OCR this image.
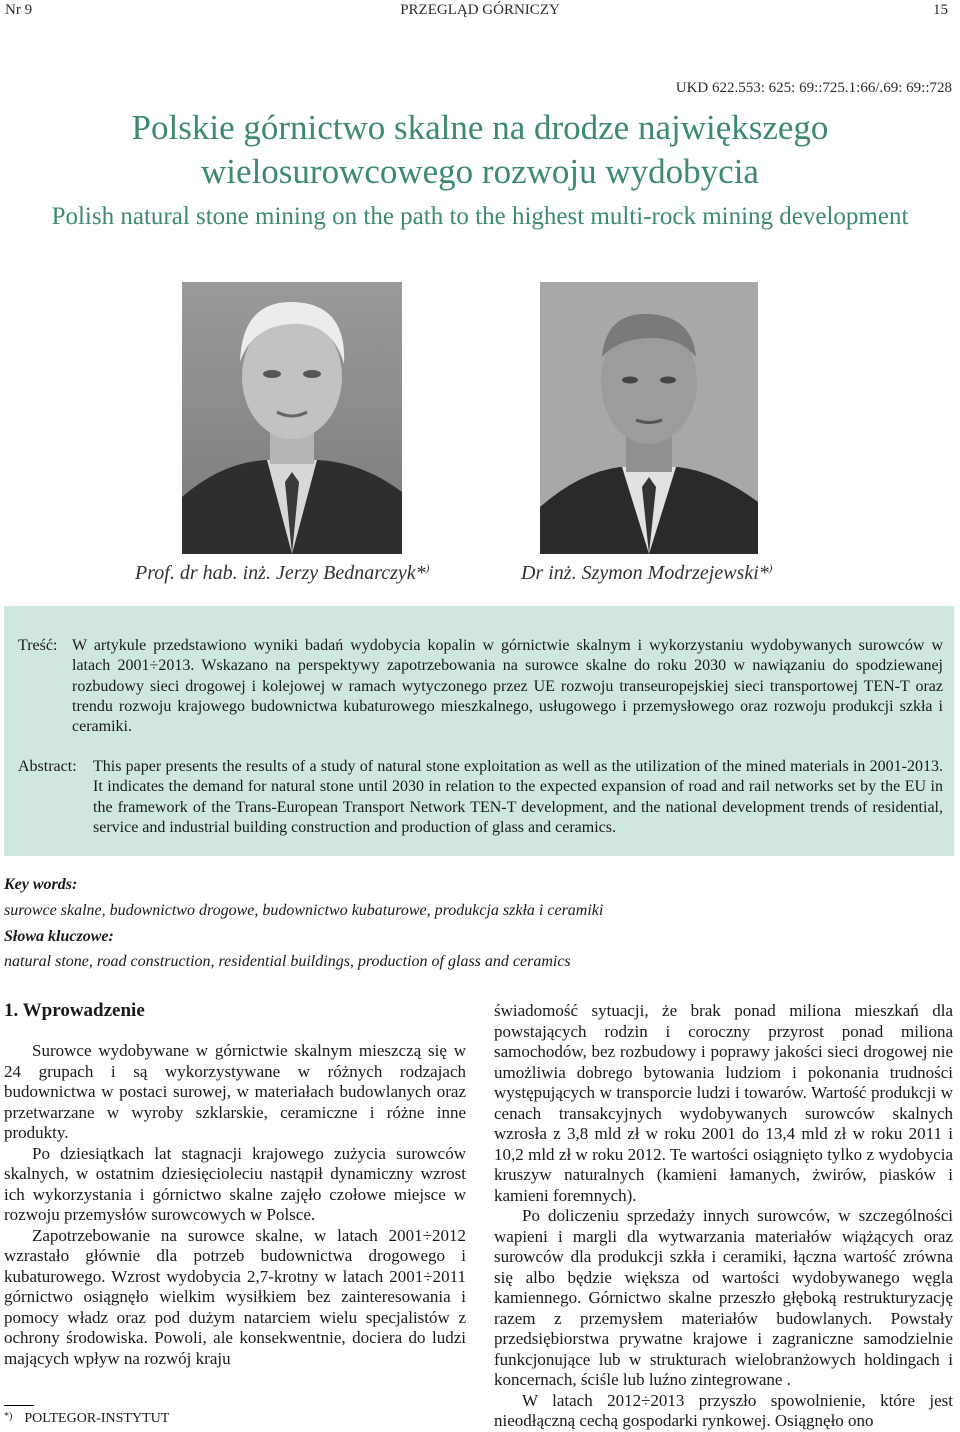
Nr 9	PRZEGLĄD GÓRNICZY	15
UKD 622.553: 625: 69::725.1:66/.69: 69::728
Polskie górnictwo skalne na drodze największego wielosurowcowego rozwoju wydobycia
Polish natural stone mining on the path to the highest multi-rock mining development
Prof. dr hab. inż. Jerzy Bednarczyk*)	Dr inż. Szymon Modrzejewski*)
Treść: W artykule przedstawiono wyniki badań wydobycia kopalin w górnictwie skalnym i wykorzystaniu wydobywanych surowców w latach 2001÷2013. Wskazano na perspektywy zapotrzebowania na surowce skalne do roku 2030 w nawiązaniu do spodziewanej rozbudowy sieci drogowej i kolejowej w ramach wytyczonego przez UE rozwoju transeuropejskiej sieci transportowej TEN-T oraz trendu rozwoju krajowego budownictwa kubaturowego mieszkalnego, usługowego i przemysłowego oraz rozwoju produkcji szkła i ceramiki.
Abstract: This paper presents the results of a study of natural stone exploitation as well as the utilization of the mined materials in 2001-2013. It indicates the demand for natural stone until 2030 in relation to the expected expansion of road and rail networks set by the EU in the framework of the Trans-European Transport Network TEN-T development, and the national development trends of residential, service and industrial building construction and production of glass and ceramics.
Key words:
surowce skalne, budownictwo drogowe, budownictwo kubaturowe, produkcja szkła i ceramiki
Słowa kluczowe:
natural stone, road construction, residential buildings, production of glass and ceramics
1. Wprowadzenie

Surowce wydobywane w górnictwie skalnym mieszczą się w 24 grupach i są wykorzystywane w różnych rodzajach budownictwa w postaci surowej, w materiałach budowlanych oraz przetwarzane w wyroby szklarskie, ceramiczne i różne inne produkty.

Po dziesiątkach lat stagnacji krajowego zużycia surowców skalnych, w ostatnim dziesięcioleciu nastąpił dynamiczny wzrost ich wykorzystania i górnictwo skalne zajęło czołowe miejsce w rozwoju przemysłów surowcowych w Polsce.

Zapotrzebowanie na surowce skalne, w latach 2001÷2012 wzrastało głównie dla potrzeb budownictwa drogowego i kubaturowego. Wzrost wydobycia 2,7-krotny w latach 2001÷2011 górnictwo osiągnęło wielkim wysiłkiem bez zainteresowania i pomocy władz oraz pod dużym natarciem wielu specjalistów z ochrony środowiska. Powoli, ale konsekwentnie, dociera do ludzi mających wpływ na rozwój kraju

świadomość sytuacji, że brak ponad miliona mieszkań dla powstających rodzin i coroczny przyrost ponad miliona samochodów, bez rozbudowy i poprawy jakości sieci drogowej nie umożliwia dobrego bytowania ludziom i pokonania trudności występujących w transporcie ludzi i towarów. Wartość produkcji w cenach transakcyjnych wydobywanych surowców skalnych wzrosła z 3,8 mld zł w roku 2001 do 13,4 mld zł w roku 2011 i 10,2 mld zł w roku 2012. Te wartości osiągnięto tylko z wydobycia kruszyw naturalnych (kamieni łamanych, żwirów, piasków i kamieni foremnych).

Po doliczeniu sprzedaży innych surowców, w szczególności wapieni i margli dla wytwarzania materiałów wiążących oraz surowców dla produkcji szkła i ceramiki, łączna wartość zrówna się albo będzie większa od wartości wydobywanego węgla kamiennego. Górnictwo skalne przeszło głęboką restrukturyzację razem z przemysłem materiałów budowlanych. Powstały przedsiębiorstwa prywatne krajowe i zagraniczne samodzielnie funkcjonujące lub w strukturach wielobranżowych holdingach i koncernach, ściśle lub luźno zintegrowane .

W latach 2012÷2013 przyszło spowolnienie, które jest nieodłączną cechą gospodarki rynkowej. Osiągnęło ono

*) POLTEGOR-INSTYTUT
